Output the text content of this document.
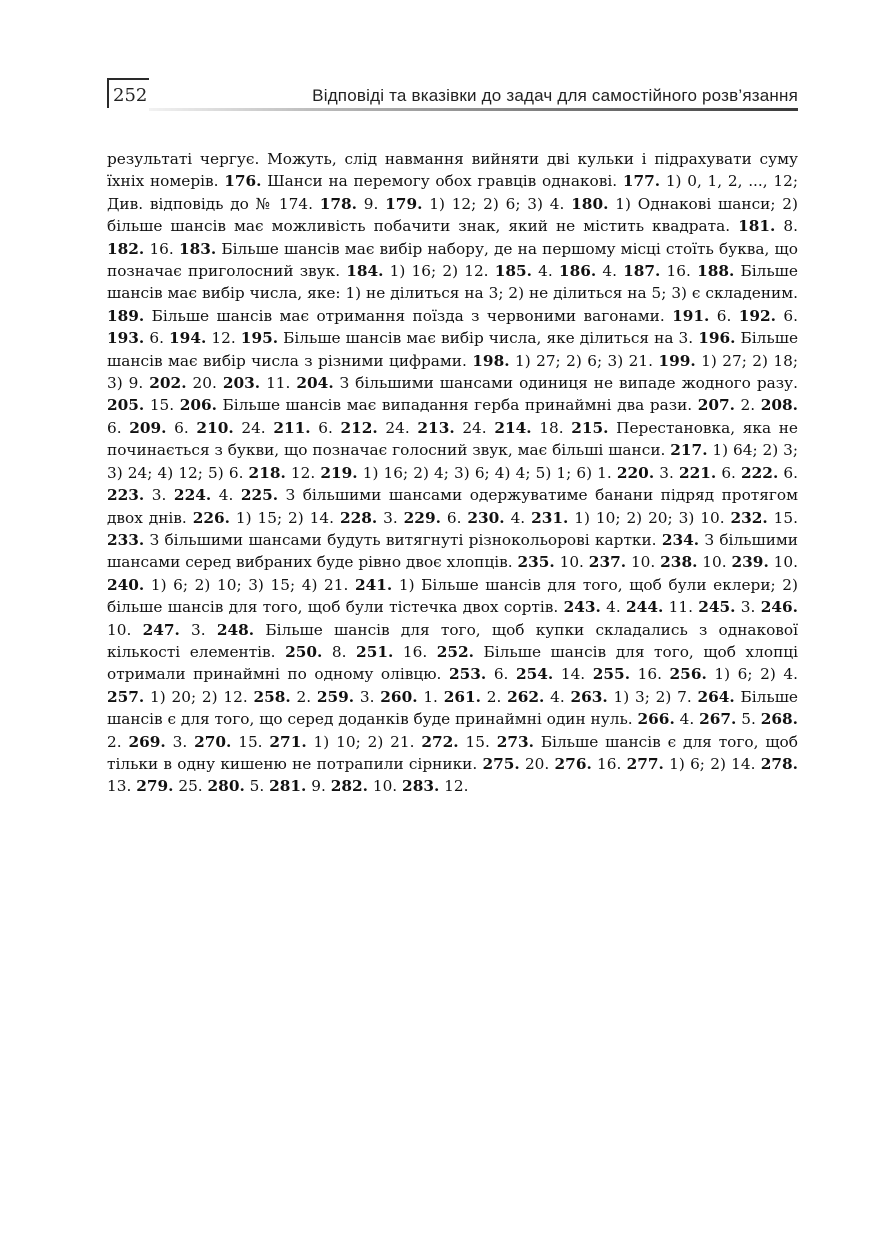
252	Відповіді та вказівки до задач для самостійного розв’язання
результаті чергує. Можуть, слід навмання вийняти дві кульки і підрахувати суму їхніх номерів. 176. Шанси на перемогу обох гравців однакові. 177. 1) 0, 1, 2, ..., 12; Див. відповідь до № 174. 178. 9. 179. 1) 12; 2) 6; 3) 4. 180. 1) Однакові шанси; 2) більше шансів має можливість побачити знак, який не містить квадрата. 181. 8. 182. 16. 183. Більше шансів має вибір набору, де на першому місці стоїть буква, що позначає приголосний звук. 184. 1) 16; 2) 12. 185. 4. 186. 4. 187. 16. 188. Більше шансів має вибір числа, яке: 1) не ділиться на 3; 2) не ділиться на 5; 3) є складеним. 189. Більше шансів має отримання поїзда з червоними вагонами. 191. 6. 192. 6. 193. 6. 194. 12. 195. Більше шансів має вибір числа, яке ділиться на 3. 196. Більше шансів має вибір числа з різними цифрами. 198. 1) 27; 2) 6; 3) 21. 199. 1) 27; 2) 18; 3) 9. 202. 20. 203. 11. 204. З більшими шансами одиниця не випаде жодного разу. 205. 15. 206. Більше шансів має випадання герба принаймні два рази. 207. 2. 208. 6. 209. 6. 210. 24. 211. 6. 212. 24. 213. 24. 214. 18. 215. Перестановка, яка не починається з букви, що позначає голосний звук, має більші шанси. 217. 1) 64; 2) 3; 3) 24; 4) 12; 5) 6. 218. 12. 219. 1) 16; 2) 4; 3) 6; 4) 4; 5) 1; 6) 1. 220. 3. 221. 6. 222. 6. 223. 3. 224. 4. 225. З більшими шансами одержуватиме банани підряд протягом двох днів. 226. 1) 15; 2) 14. 228. 3. 229. 6. 230. 4. 231. 1) 10; 2) 20; 3) 10. 232. 15. 233. З більшими шансами будуть витягнуті різнокольорові картки. 234. З більшими шансами серед вибраних буде рівно двоє хлопців. 235. 10. 237. 10. 238. 10. 239. 10. 240. 1) 6; 2) 10; 3) 15; 4) 21. 241. 1) Більше шансів для того, щоб були еклери; 2) більше шансів для того, щоб були тістечка двох сортів. 243. 4. 244. 11. 245. 3. 246. 10. 247. 3. 248. Більше шансів для того, щоб купки складались з однакової кількості елементів. 250. 8. 251. 16. 252. Більше шансів для того, щоб хлопці отримали принаймні по одному олівцю. 253. 6. 254. 14. 255. 16. 256. 1) 6; 2) 4. 257. 1) 20; 2) 12. 258. 2. 259. 3. 260. 1. 261. 2. 262. 4. 263. 1) 3; 2) 7. 264. Більше шансів є для того, що серед доданків буде принаймні один нуль. 266. 4. 267. 5. 268. 2. 269. 3. 270. 15. 271. 1) 10; 2) 21. 272. 15. 273. Більше шансів є для того, щоб тільки в одну кишеню не потрапили сірники. 275. 20. 276. 16. 277. 1) 6; 2) 14. 278. 13. 279. 25. 280. 5. 281. 9. 282. 10. 283. 12.
